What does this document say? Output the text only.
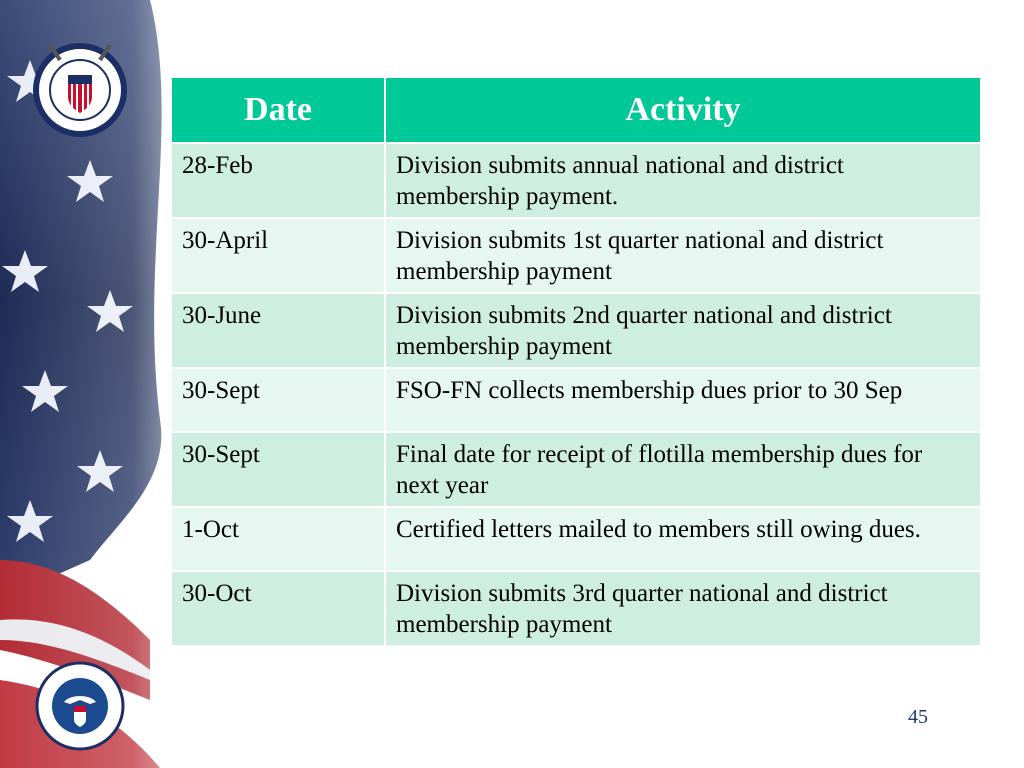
Date	Activity
28-Feb	Division submits annual national and district membership payment.
30-April	Division submits 1st quarter national and district membership payment
30-June	Division submits 2nd quarter national and district membership payment
30-Sept	FSO-FN collects membership dues prior to 30 Sep
30-Sept	Final date for receipt of flotilla membership dues for next year
1-Oct	Certified letters mailed to members still owing dues.
30-Oct	Division submits 3rd quarter national and district membership payment
45
